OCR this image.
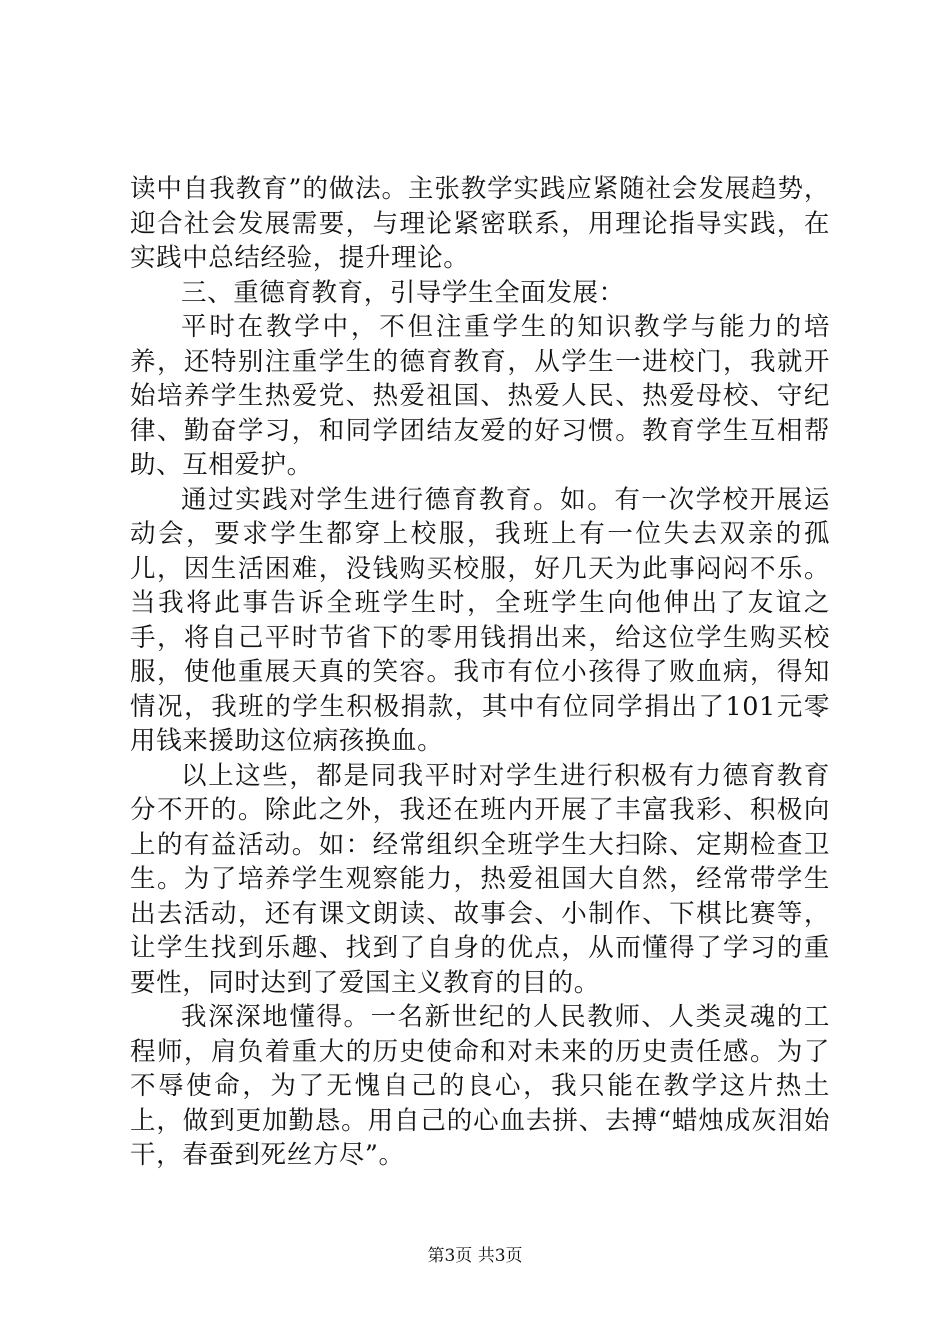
读中自我教育”的做法。主张教学实践应紧随社会发展趋势，迎合社会发展需要，与理论紧密联系，用理论指导实践，在实践中总结经验，提升理论。

三、重德育教育，引导学生全面发展：

平时在教学中，不但注重学生的知识教学与能力的培养，还特别注重学生的德育教育，从学生一进校门，我就开始培养学生热爱党、热爱祖国、热爱人民、热爱母校、守纪律、勤奋学习，和同学团结友爱的好习惯。教育学生互相帮助、互相爱护。

通过实践对学生进行德育教育。如。有一次学校开展运动会，要求学生都穿上校服，我班上有一位失去双亲的孤儿，因生活困难，没钱购买校服，好几天为此事闷闷不乐。当我将此事告诉全班学生时，全班学生向他伸出了友谊之手，将自己平时节省下的零用钱捐出来，给这位学生购买校服，使他重展天真的笑容。我市有位小孩得了败血病，得知情况，我班的学生积极捐款，其中有位同学捐出了101元零用钱来援助这位病孩换血。

以上这些，都是同我平时对学生进行积极有力德育教育分不开的。除此之外，我还在班内开展了丰富我彩、积极向上的有益活动。如：经常组织全班学生大扫除、定期检查卫生。为了培养学生观察能力，热爱祖国大自然，经常带学生出去活动，还有课文朗读、故事会、小制作、下棋比赛等，让学生找到乐趣、找到了自身的优点，从而懂得了学习的重要性，同时达到了爱国主义教育的目的。

我深深地懂得。一名新世纪的人民教师、人类灵魂的工程师，肩负着重大的历史使命和对未来的历史责任感。为了不辱使命，为了无愧自己的良心，我只能在教学这片热土上，做到更加勤恳。用自己的心血去拼、去搏“蜡烛成灰泪始干，春蚕到死丝方尽”。

第3页 共3页
